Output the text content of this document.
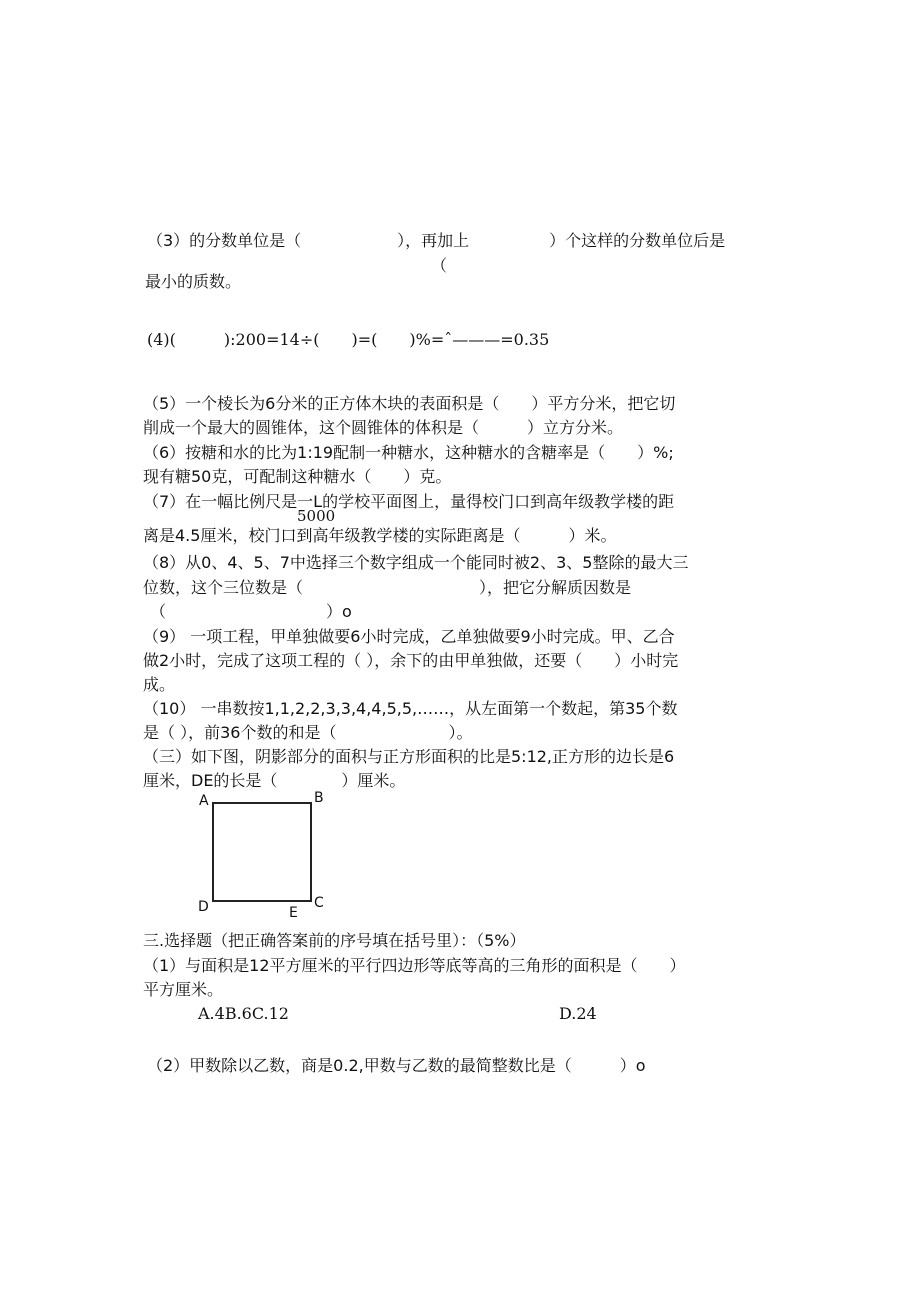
（3）的分数单位是（　　　　　　），再加上　　　　　）个这样的分数单位后是
（
最小的质数。
(4)(　　　):200=14÷(　　)=(　　)%=ˆ———=0.35
（5）一个棱长为6分米的正方体木块的表面积是（　　）平方分米，把它切
削成一个最大的圆锥体，这个圆锥体的体积是（　　　）立方分米。
（6）按糖和水的比为1:19配制一种糖水，这种糖水的含糖率是（　　）%;
现有糖50克，可配制这种糖水（　　）克。
（7）在一幅比例尺是一L的学校平面图上，量得校门口到高年级教学楼的距
5000
离是4.5厘米，校门口到高年级教学楼的实际距离是（　　　）米。
（8）从0、4、5、7中选择三个数字组成一个能同时被2、3、5整除的最大三
位数，这个三位数是（　　　　　　　　　　　），把它分解质因数是
（　　　　　　　　　　）o
（9） 一项工程，甲单独做要6小时完成，乙单独做要9小时完成。甲、乙合
做2小时，完成了这项工程的（ ），余下的由甲单独做，还要（　　）小时完
成。
（10） 一串数按1,1,2,2,3,3,4,4,5,5,……，从左面第一个数起，第35个数
是（ ），前36个数的和是（　　　　　　　）。
（三）如下图，阴影部分的面积与正方形面积的比是5:12,正方形的边长是6
厘米，DE的长是（　　　　）厘米。
A	B
C
D	E
三.选择题（把正确答案前的序号填在括号里）：（5%）
（1）与面积是12平方厘米的平行四边形等底等高的三角形的面积是（　　）
平方厘米。
A.4B.6C.12	D.24
（2）甲数除以乙数，商是0.2,甲数与乙数的最简整数比是（　　　）o
